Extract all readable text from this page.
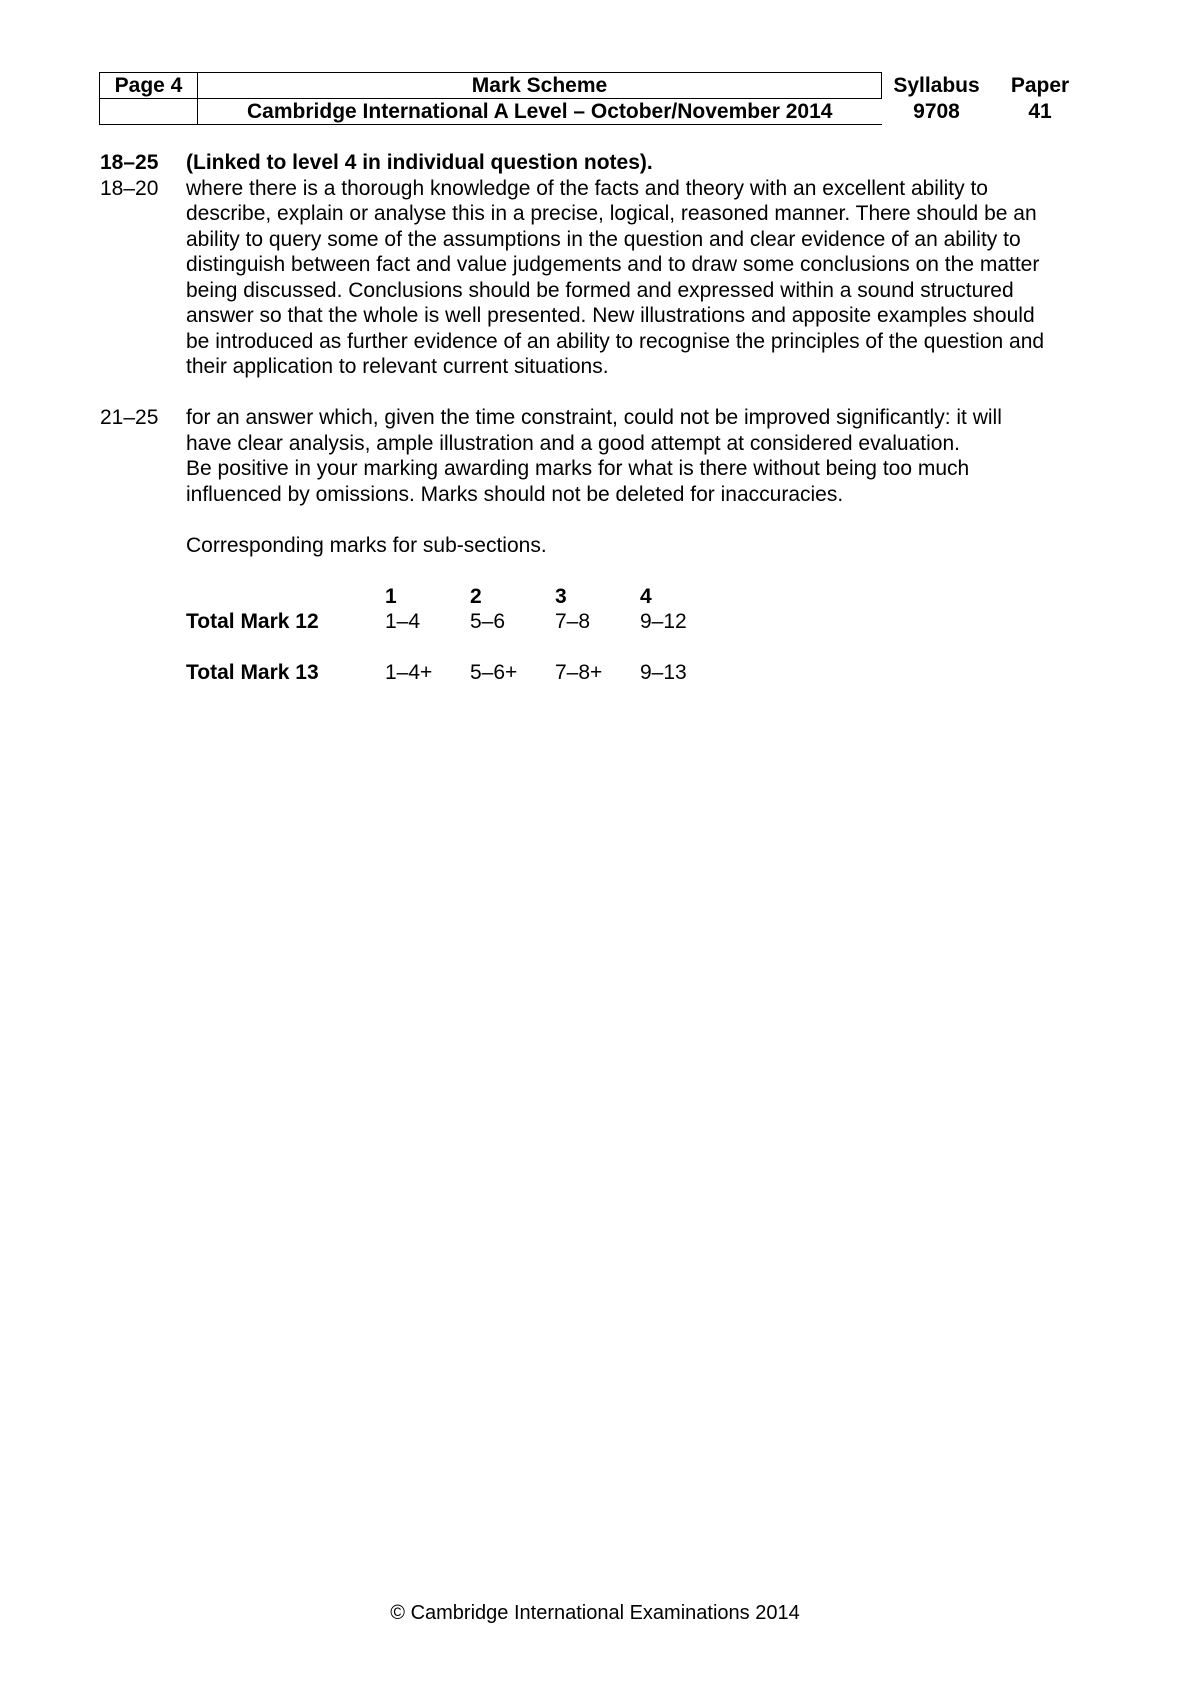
Page 4	Mark Scheme	Syllabus	Paper
	Cambridge International A Level – October/November 2014	9708	41
18–25	(Linked to level 4 in individual question notes).
18–20	where there is a thorough knowledge of the facts and theory with an excellent ability to
describe, explain or analyse this in a precise, logical, reasoned manner. There should be an
ability to query some of the assumptions in the question and clear evidence of an ability to
distinguish between fact and value judgements and to draw some conclusions on the matter
being discussed. Conclusions should be formed and expressed within a sound structured
answer so that the whole is well presented. New illustrations and apposite examples should
be introduced as further evidence of an ability to recognise the principles of the question and
their application to relevant current situations.
21–25	for an answer which, given the time constraint, could not be improved significantly: it will
have clear analysis, ample illustration and a good attempt at considered evaluation.
Be positive in your marking awarding marks for what is there without being too much
influenced by omissions. Marks should not be deleted for inaccuracies.
Corresponding marks for sub-sections.
	1	2	3	4
Total Mark 12	1–4	5–6	7–8	9–12

Total Mark 13	1–4+	5–6+	7–8+	9–13
© Cambridge International Examinations 2014
